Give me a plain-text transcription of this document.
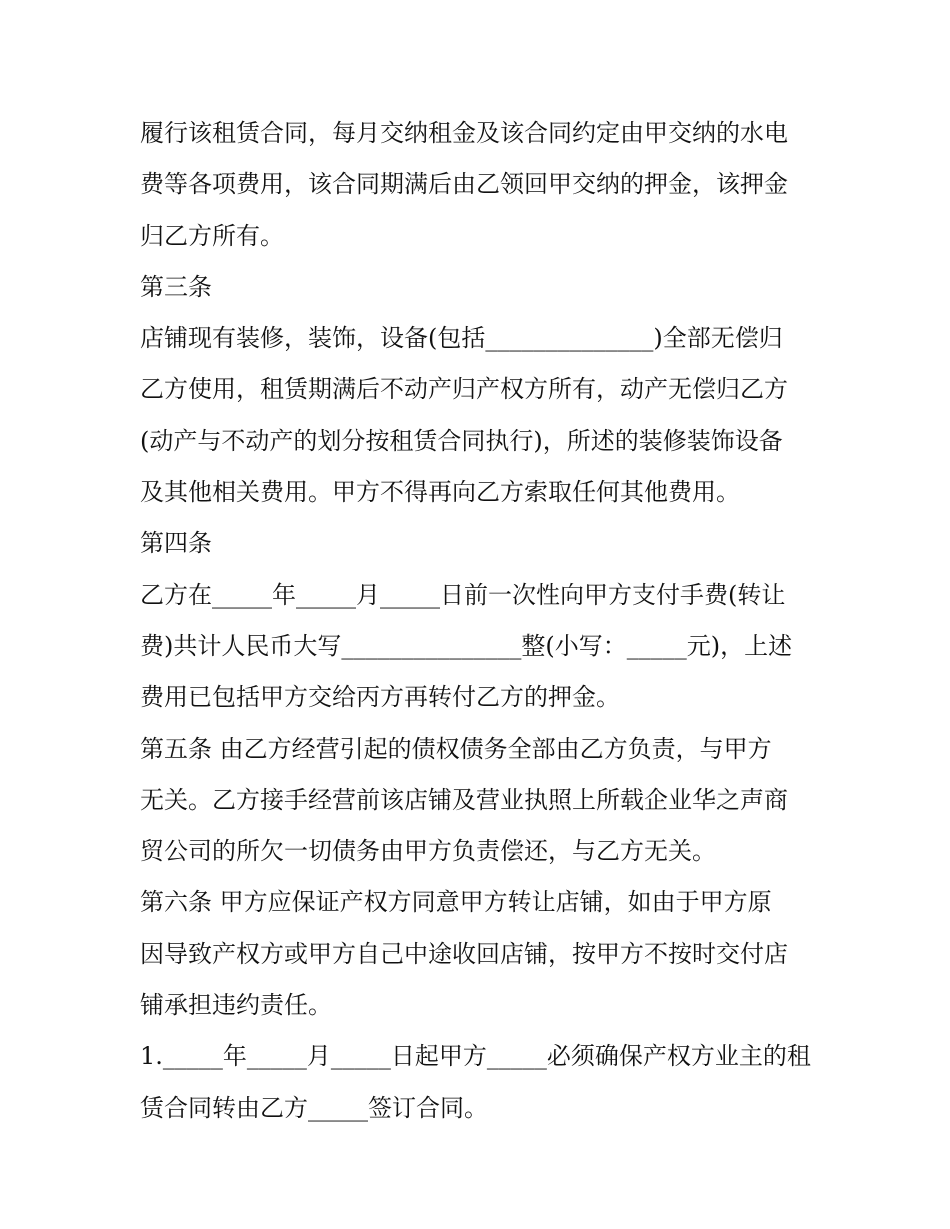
履行该租赁合同，每月交纳租金及该合同约定由甲交纳的水电
费等各项费用，该合同期满后由乙领回甲交纳的押金，该押金
归乙方所有。
第三条
店铺现有装修，装饰，设备(包括______________)全部无偿归
乙方使用，租赁期满后不动产归产权方所有，动产无偿归乙方
(动产与不动产的划分按租赁合同执行)，所述的装修装饰设备
及其他相关费用。甲方不得再向乙方索取任何其他费用。
第四条
乙方在_____年_____月_____日前一次性向甲方支付手费(转让
费)共计人民币大写_______________整(小写：_____元)，上述
费用已包括甲方交给丙方再转付乙方的押金。
第五条 由乙方经营引起的债权债务全部由乙方负责，与甲方
无关。乙方接手经营前该店铺及营业执照上所载企业华之声商
贸公司的所欠一切债务由甲方负责偿还，与乙方无关。
第六条 甲方应保证产权方同意甲方转让店铺，如由于甲方原
因导致产权方或甲方自己中途收回店铺，按甲方不按时交付店
铺承担违约责任。
1._____年_____月_____日起甲方_____必须确保产权方业主的租
赁合同转由乙方_____签订合同。
